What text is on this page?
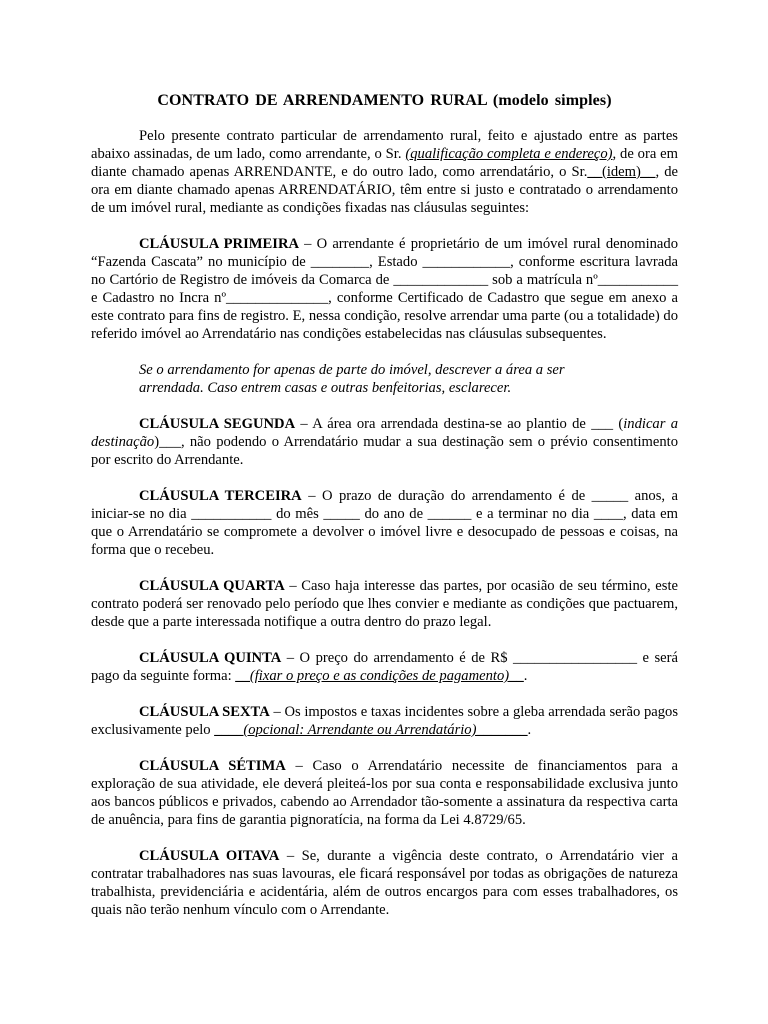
CONTRATO DE ARRENDAMENTO RURAL (modelo simples)

Pelo presente contrato particular de arrendamento rural, feito e ajustado entre as partes abaixo assinadas, de um lado, como arrendante, o Sr. (qualificação completa e endereço), de ora em diante chamado apenas ARRENDANTE, e do outro lado, como arrendatário, o Sr.__(idem)__, de ora em diante chamado apenas ARRENDATÁRIO, têm entre si justo e contratado o arrendamento de um imóvel rural, mediante as condições fixadas nas cláusulas seguintes:

CLÁUSULA PRIMEIRA – O arrendante é proprietário de um imóvel rural denominado “Fazenda Cascata” no município de ________, Estado ____________, conforme escritura lavrada no Cartório de Registro de imóveis da Comarca de _____________ sob a matrícula nº___________ e Cadastro no Incra nº______________, conforme Certificado de Cadastro que segue em anexo a este contrato para fins de registro. E, nessa condição, resolve arrendar uma parte (ou a totalidade) do referido imóvel ao Arrendatário nas condições estabelecidas nas cláusulas subsequentes.

Se o arrendamento for apenas de parte do imóvel, descrever a área a ser arrendada. Caso entrem casas e outras benfeitorias, esclarecer.

CLÁUSULA SEGUNDA – A área ora arrendada destina-se ao plantio de ___ (indicar a destinação)___, não podendo o Arrendatário mudar a sua destinação sem o prévio consentimento por escrito do Arrendante.

CLÁUSULA TERCEIRA – O prazo de duração do arrendamento é de _____ anos, a iniciar-se no dia ___________ do mês _____ do ano de ______ e a terminar no dia ____, data em que o Arrendatário se compromete a devolver o imóvel livre e desocupado de pessoas e coisas, na forma que o recebeu.

CLÁUSULA QUARTA – Caso haja interesse das partes, por ocasião de seu término, este contrato poderá ser renovado pelo período que lhes convier e mediante as condições que pactuarem, desde que a parte interessada notifique a outra dentro do prazo legal.

CLÁUSULA QUINTA – O preço do arrendamento é de R$ _________________ e será pago da seguinte forma: __(fixar o preço e as condições de pagamento)__.

CLÁUSULA SEXTA – Os impostos e taxas incidentes sobre a gleba arrendada serão pagos exclusivamente pelo ____(opcional: Arrendante ou Arrendatário)_______.

CLÁUSULA SÉTIMA – Caso o Arrendatário necessite de financiamentos para a exploração de sua atividade, ele deverá pleiteá-los por sua conta e responsabilidade exclusiva junto aos bancos públicos e privados, cabendo ao Arrendador tão-somente a assinatura da respectiva carta de anuência, para fins de garantia pignoratícia, na forma da Lei 4.8729/65.

CLÁUSULA OITAVA – Se, durante a vigência deste contrato, o Arrendatário vier a contratar trabalhadores nas suas lavouras, ele ficará responsável por todas as obrigações de natureza trabalhista, previdenciária e acidentária, além de outros encargos para com esses trabalhadores, os quais não terão nenhum vínculo com o Arrendante.
